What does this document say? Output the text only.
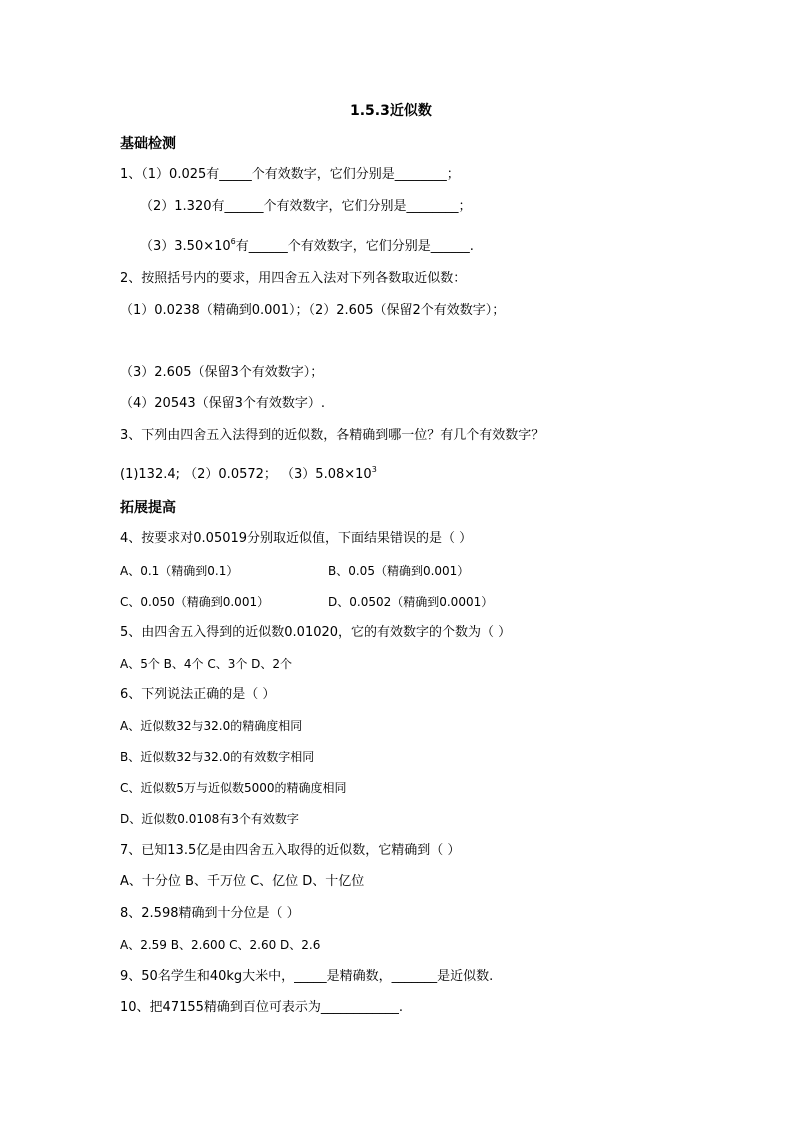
1.5.3近似数
基础检测
1、（1）0.025有_____个有效数字，它们分别是________；
（2）1.320有______个有效数字，它们分别是________；
$(3)3.50\times 10^6$有______个有效数字，它们分别是______.
2、按照括号内的要求，用四舍五入法对下列各数取近似数：
（1）0.0238（精确到0.001）；（2）2.605（保留2个有效数字）；
（3）2.605（保留3个有效数字）；
（4）20543（保留3个有效数字）.
3、下列由四舍五入法得到的近似数，各精确到哪一位？有几个有效数字？
(1)132.4; （2）0.0572； $(3)5.08\times 10^3$
拓展提高
4、按要求对0.05019分别取近似值，下面结果错误的是（ ）
A、0.1（精确到0.1）	B、0.05（精确到0.001）
C、0.050（精确到0.001）	D、0.0502（精确到0.0001）
5、由四舍五入得到的近似数0.01020，它的有效数字的个数为（ ）
A、5个 B、4个 C、3个 D、2个
6、下列说法正确的是（ ）
A、近似数32与32.0的精确度相同
B、近似数32与32.0的有效数字相同
C、近似数5万与近似数5000的精确度相同
D、近似数0.0108有3个有效数字
7、已知13.5亿是由四舍五入取得的近似数，它精确到（ ）
A、十分位 B、千万位 C、亿位 D、十亿位
8、2.598精确到十分位是（ ）
A、2.59 B、2.600 C、2.60 D、2.6
9、50名学生和40kg大米中，_____是精确数，_______是近似数.
10、把47155精确到百位可表示为____________.
